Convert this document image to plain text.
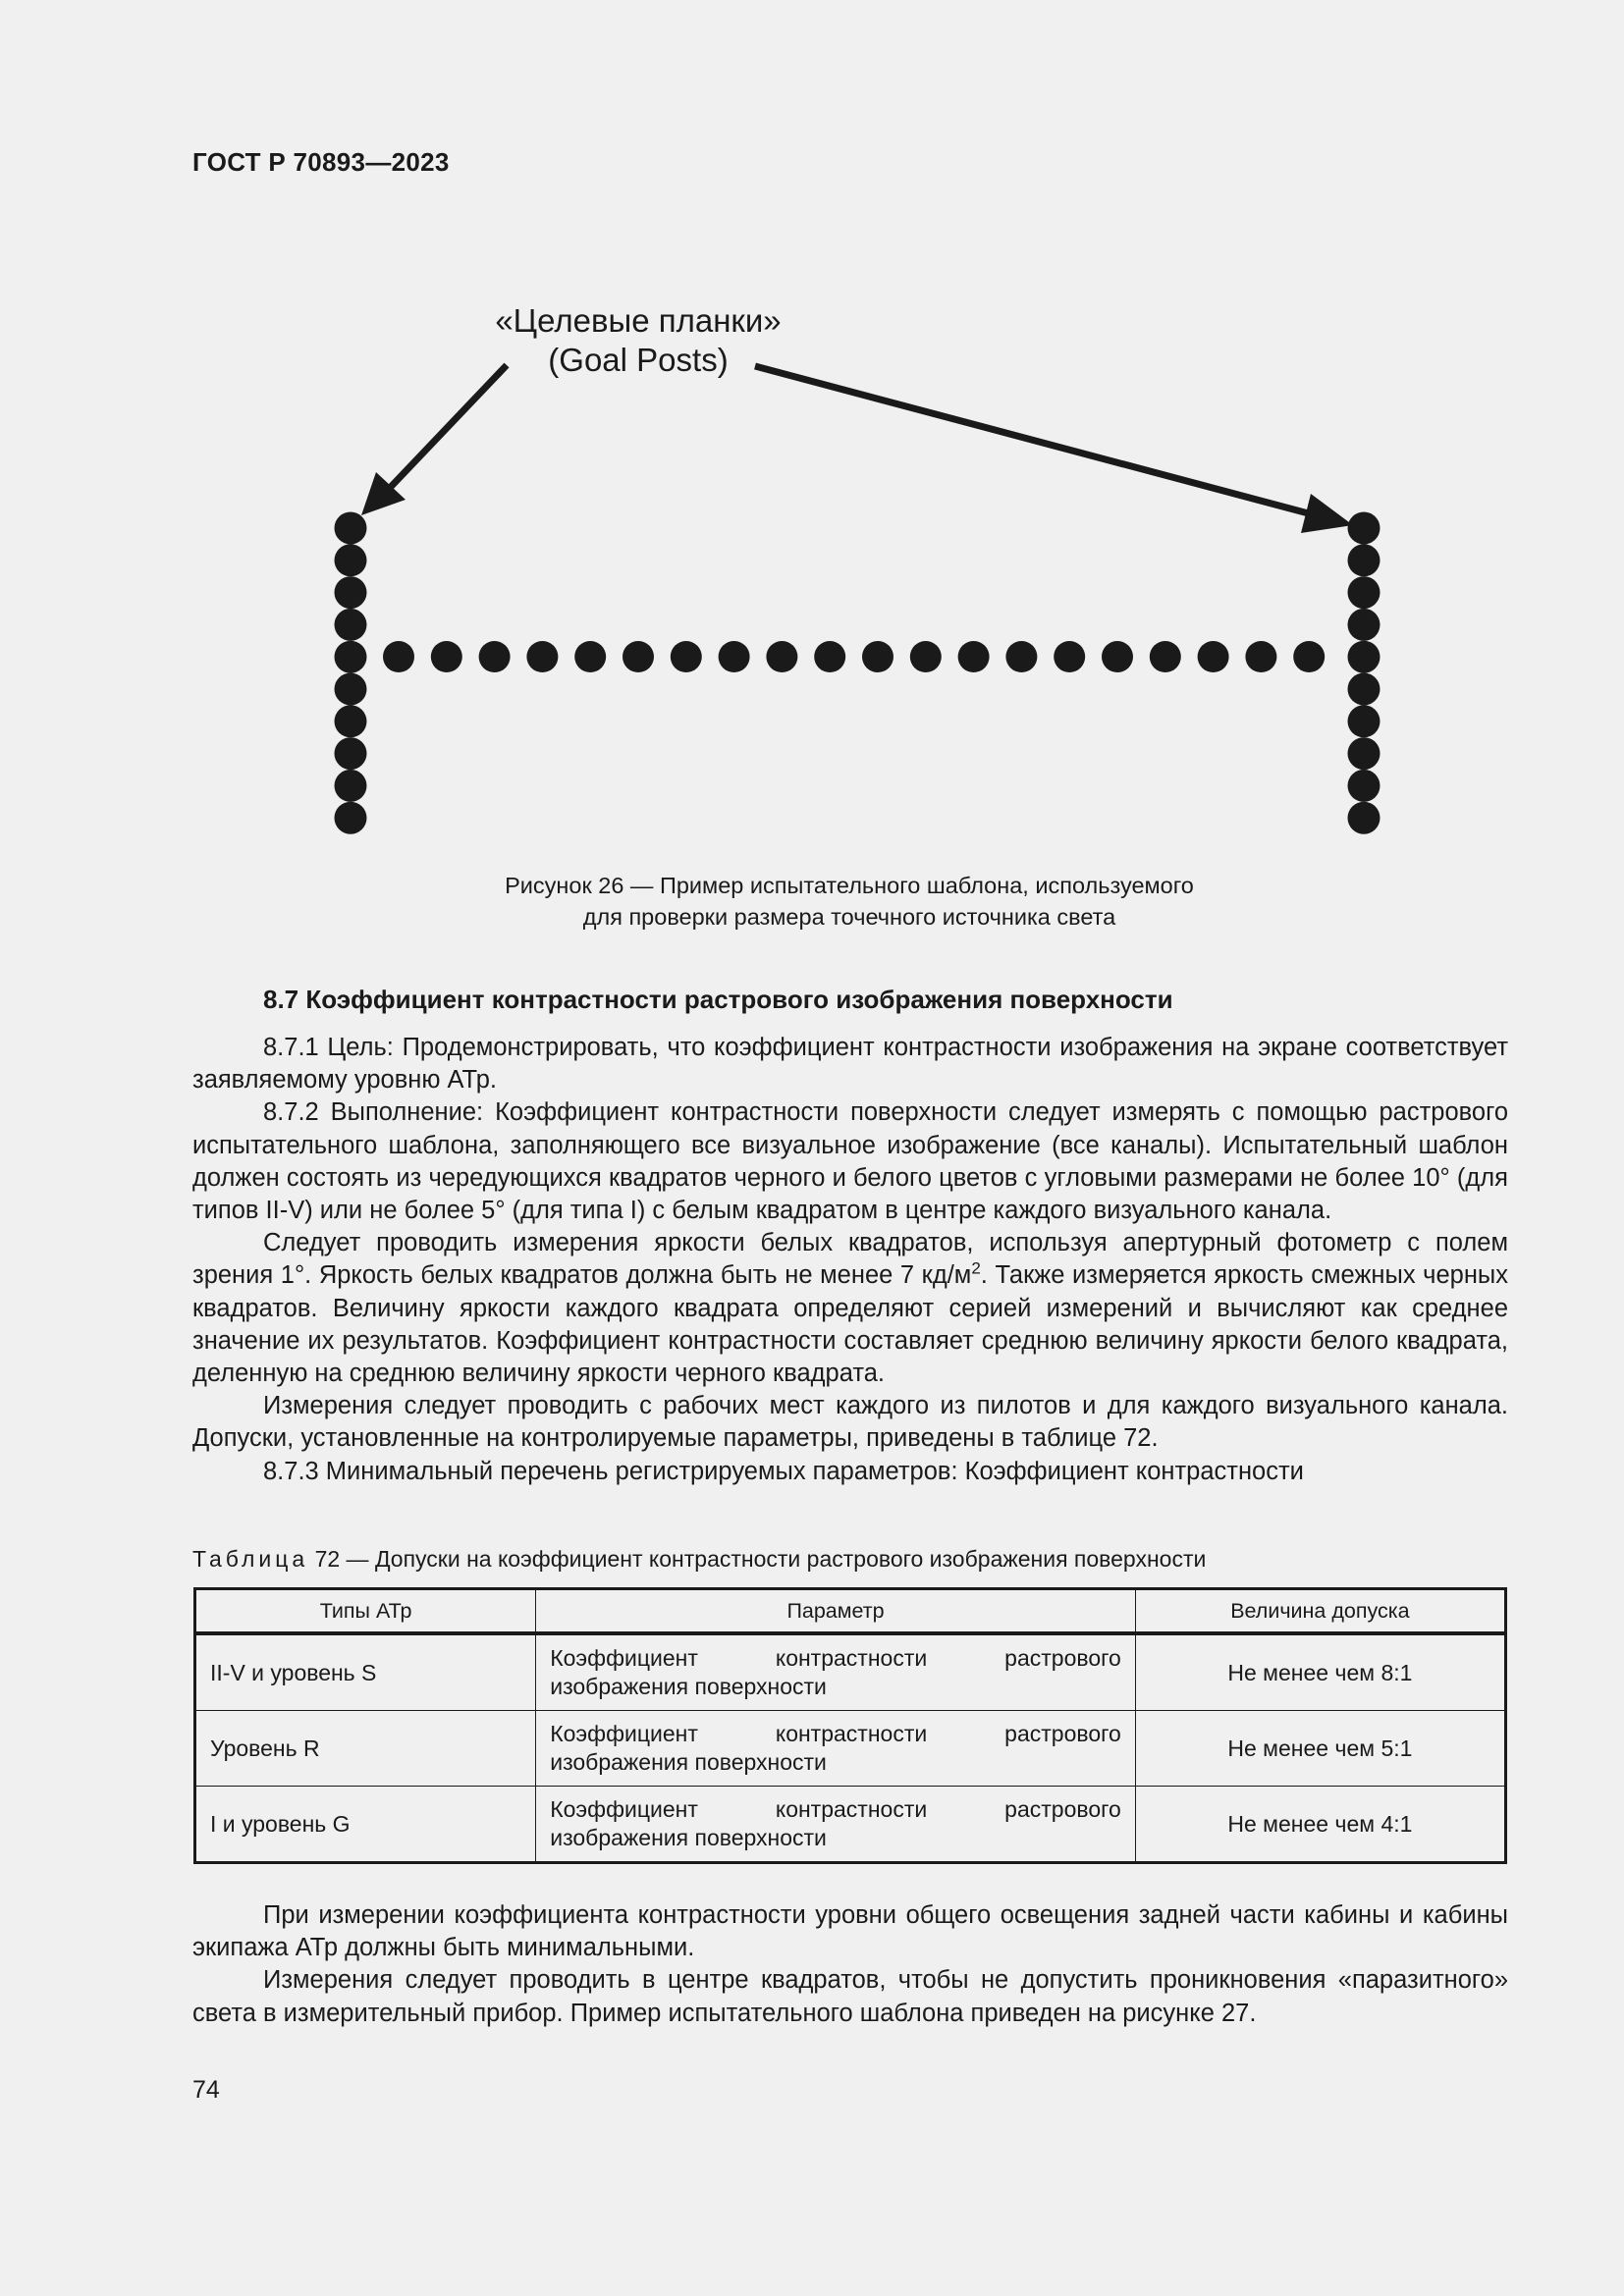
ГОСТ Р 70893—2023
«Целевые планки»
(Goal Posts)
Рисунок 26 — Пример испытательного шаблона, используемого
для проверки размера точечного источника света
8.7 Коэффициент контрастности растрового изображения поверхности

8.7.1 Цель: Продемонстрировать, что коэффициент контрастности изображения на экране соответствует заявляемому уровню АТр.

8.7.2 Выполнение: Коэффициент контрастности поверхности следует измерять с помощью растрового испытательного шаблона, заполняющего все визуальное изображение (все каналы). Испытательный шаблон должен состоять из чередующихся квадратов черного и белого цветов с угловыми размерами не более 10° (для типов II-V) или не более 5° (для типа I) с белым квадратом в центре каждого визуального канала.

Следует проводить измерения яркости белых квадратов, используя апертурный фотометр с полем зрения 1°. Яркость белых квадратов должна быть не менее 7 $кд/м^2$. Также измеряется яркость смежных черных квадратов. Величину яркости каждого квадрата определяют серией измерений и вычисляют как среднее значение их результатов. Коэффициент контрастности составляет среднюю величину яркости белого квадрата, деленную на среднюю величину яркости черного квадрата.

Измерения следует проводить с рабочих мест каждого из пилотов и для каждого визуального канала. Допуски, установленные на контролируемые параметры, приведены в таблице 72.

8.7.3 Минимальный перечень регистрируемых параметров: Коэффициент контрастности

Таблица 72 — Допуски на коэффициент контрастности растрового изображения поверхности
Типы АТр	Параметр	Величина допуска
II-V и уровень S	Коэффициент контрастности растрового изображения поверхности	Не менее чем 8:1
Уровень R	Коэффициент контрастности растрового изображения поверхности	Не менее чем 5:1
I и уровень G	Коэффициент контрастности растрового изображения поверхности	Не менее чем 4:1

При измерении коэффициента контрастности уровни общего освещения задней части кабины и кабины экипажа АТр должны быть минимальными.

Измерения следует проводить в центре квадратов, чтобы не допустить проникновения «паразитного» света в измерительный прибор. Пример испытательного шаблона приведен на рисунке 27.

74
